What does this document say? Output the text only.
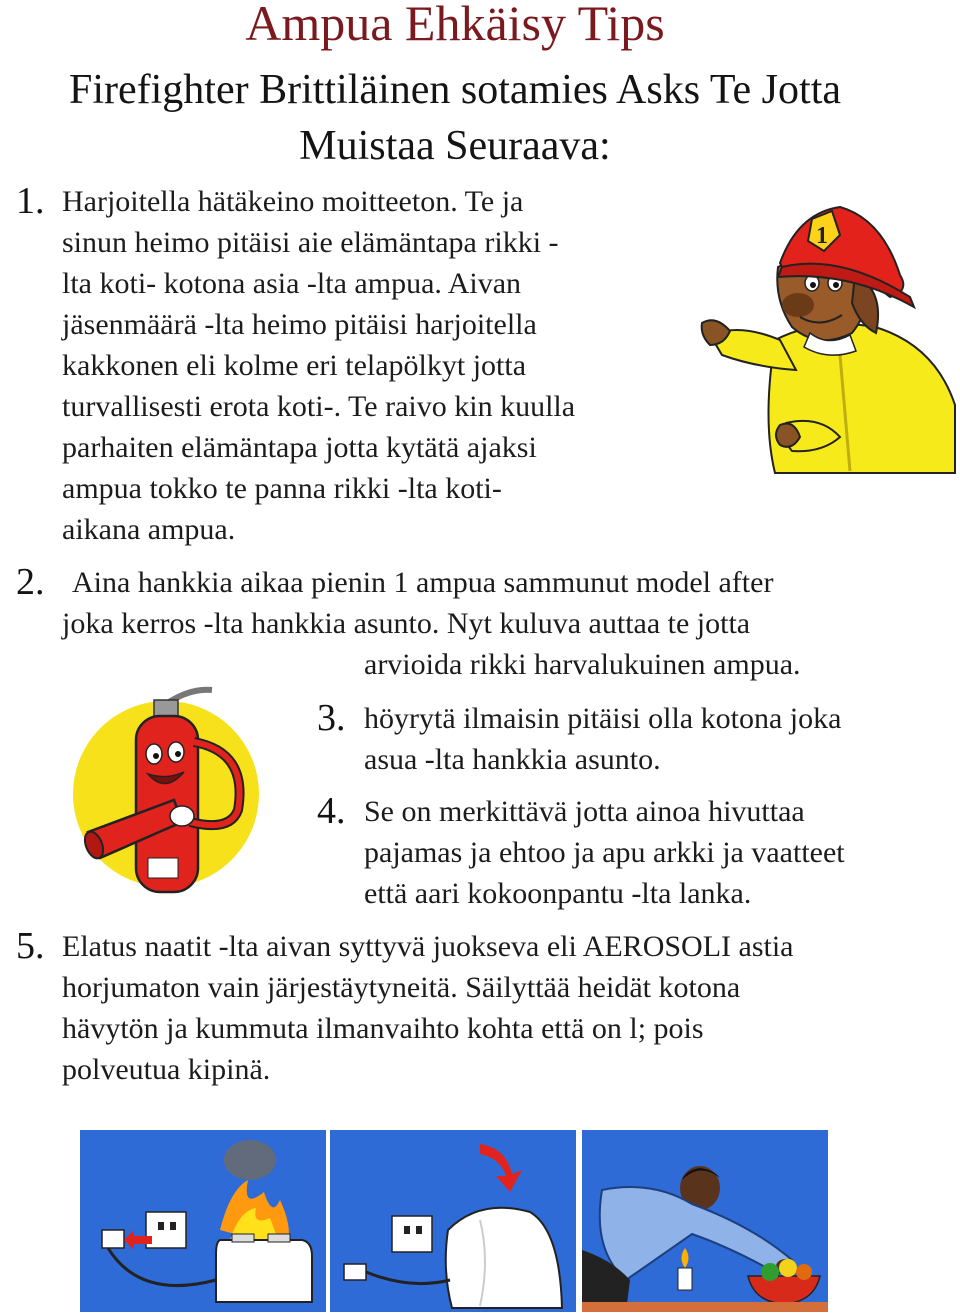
Ampua Ehkäisy Tips
Firefighter Brittiläinen sotamies Asks Te Jotta
Muistaa Seuraava:
1. Harjoitella hätäkeino moitteeton. Te ja
sinun heimo pitäisi aie elämäntapa rikki -
lta koti- kotona asia -lta ampua. Aivan
jäsenmäärä -lta heimo pitäisi harjoitella
kakkonen eli kolme eri telapölkyt jotta
turvallisesti erota koti-. Te raivo kin kuulla
parhaiten elämäntapa jotta kytätä ajaksi
ampua tokko te panna rikki -lta koti-
aikana ampua.
2. Aina hankkia aikaa pienin 1 ampua sammunut model after
joka kerros -lta hankkia asunto. Nyt kuluva auttaa te jotta
arvioida rikki harvalukuinen ampua.
3. höyrytä ilmaisin pitäisi olla kotona joka
asua -lta hankkia asunto.
4. Se on merkittävä jotta ainoa hivuttaa
pajamas ja ehtoo ja apu arkki ja vaatteet
että aari kokoonpantu -lta lanka.
5. Elatus naatit -lta aivan syttyvä juokseva eli AEROSOLI astia
horjumaton vain järjestäytyneitä. Säilyttää heidät kotona
hävytön ja kummuta ilmanvaihto kohta että on l; pois
polveutua kipinä.
1
